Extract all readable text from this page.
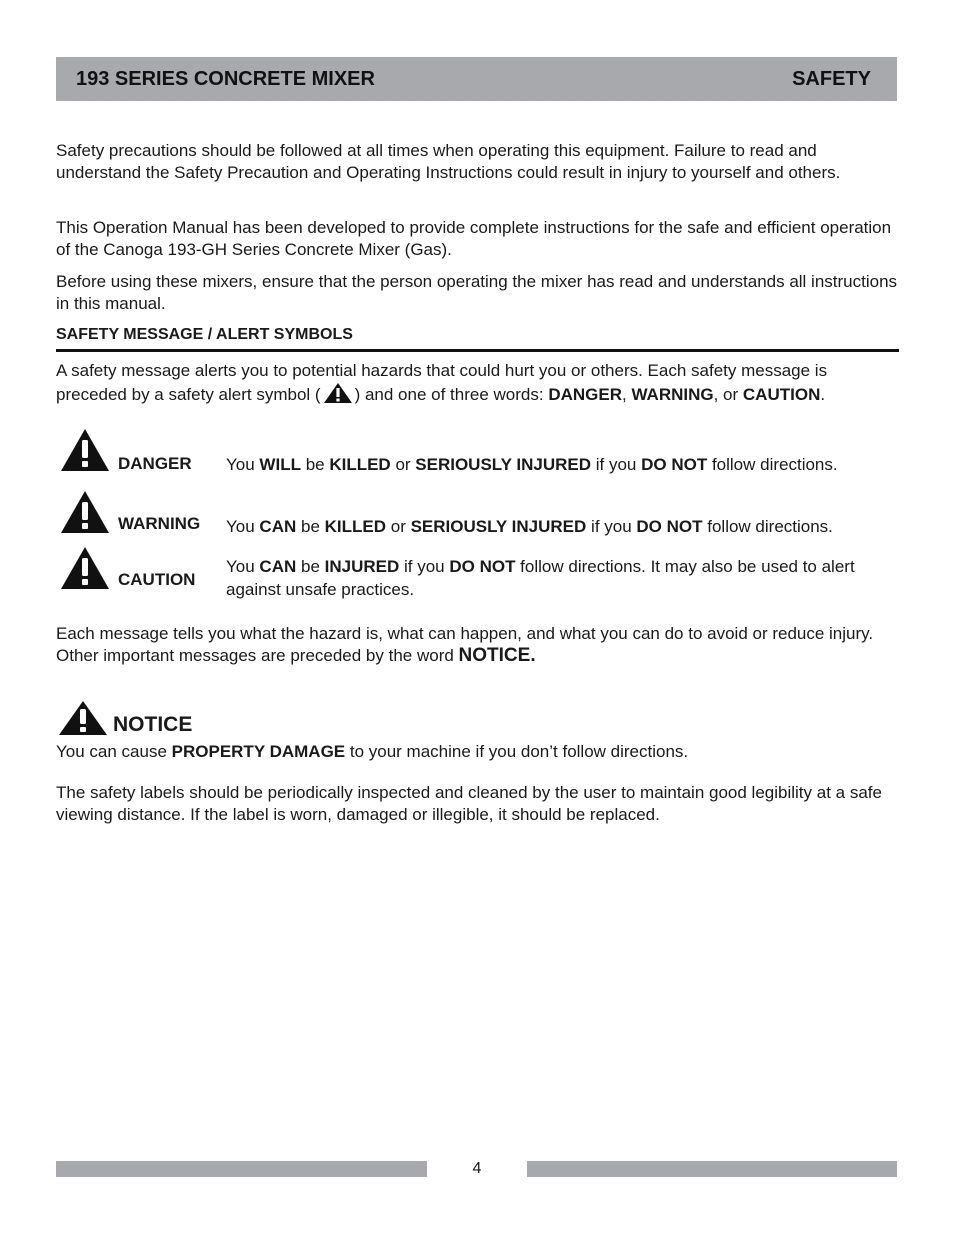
193 SERIES CONCRETE MIXER	SAFETY

Safety precautions should be followed at all times when operating this equipment. Failure to read and understand the Safety Precaution and Operating Instructions could result in injury to yourself and others.

This Operation Manual has been developed to provide complete instructions for the safe and efficient operation of the Canoga 193-GH Series Concrete Mixer (Gas).

Before using these mixers, ensure that the person operating the mixer has read and understands all instructions in this manual.

SAFETY MESSAGE / ALERT SYMBOLS

A safety message alerts you to potential hazards that could hurt you or others. Each safety message is preceded by a safety alert symbol ( ) and one of three words: DANGER, WARNING, or CAUTION.

DANGER You WILL be KILLED or SERIOUSLY INJURED if you DO NOT follow directions.
WARNING You CAN be KILLED or SERIOUSLY INJURED if you DO NOT follow directions.
CAUTION
You CAN be INJURED if you DO NOT follow directions. It may also be used to alert against unsafe practices.

Each message tells you what the hazard is, what can happen, and what you can do to avoid or reduce injury. Other important messages are preceded by the word NOTICE.

NOTICE

You can cause PROPERTY DAMAGE to your machine if you don’t follow directions.

The safety labels should be periodically inspected and cleaned by the user to maintain good legibility at a safe viewing distance. If the label is worn, damaged or illegible, it should be replaced.

4
